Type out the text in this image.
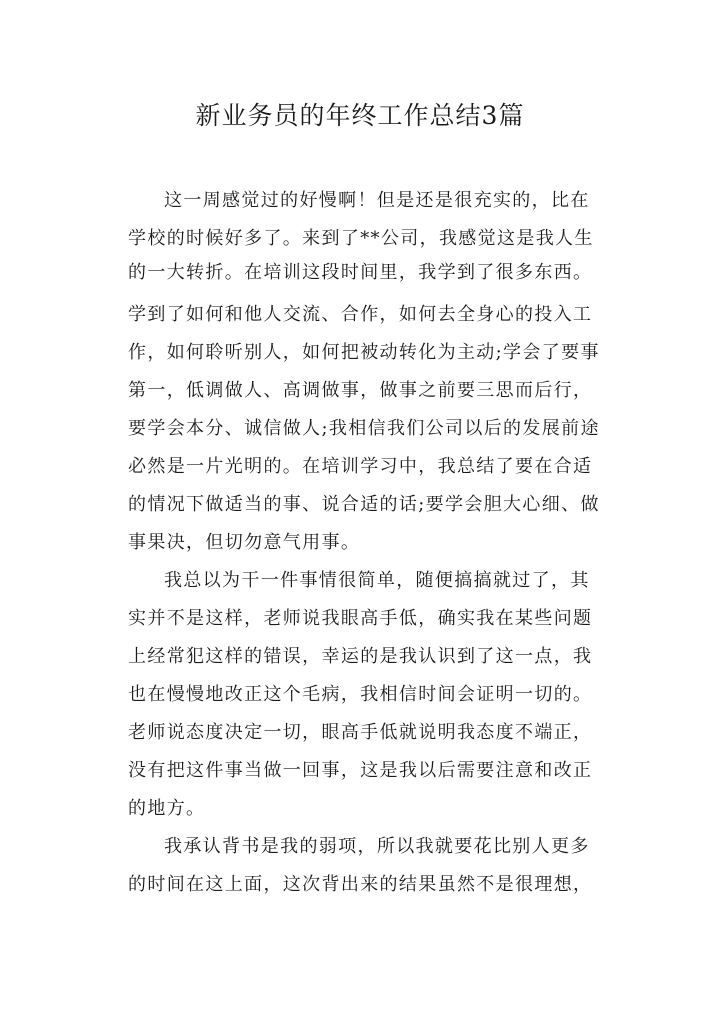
新业务员的年终工作总结3篇
这一周感觉过的好慢啊！但是还是很充实的，比在
学校的时候好多了。来到了**公司，我感觉这是我人生
的一大转折。在培训这段时间里，我学到了很多东西。
学到了如何和他人交流、合作，如何去全身心的投入工
作，如何聆听别人，如何把被动转化为主动;学会了要事
第一，低调做人、高调做事，做事之前要三思而后行，
要学会本分、诚信做人;我相信我们公司以后的发展前途
必然是一片光明的。在培训学习中，我总结了要在合适
的情况下做适当的事、说合适的话;要学会胆大心细、做
事果决，但切勿意气用事。
我总以为干一件事情很简单，随便搞搞就过了，其
实并不是这样，老师说我眼高手低，确实我在某些问题
上经常犯这样的错误，幸运的是我认识到了这一点，我
也在慢慢地改正这个毛病，我相信时间会证明一切的。
老师说态度决定一切，眼高手低就说明我态度不端正，
没有把这件事当做一回事，这是我以后需要注意和改正
的地方。
我承认背书是我的弱项，所以我就要花比别人更多
的时间在这上面，这次背出来的结果虽然不是很理想，
